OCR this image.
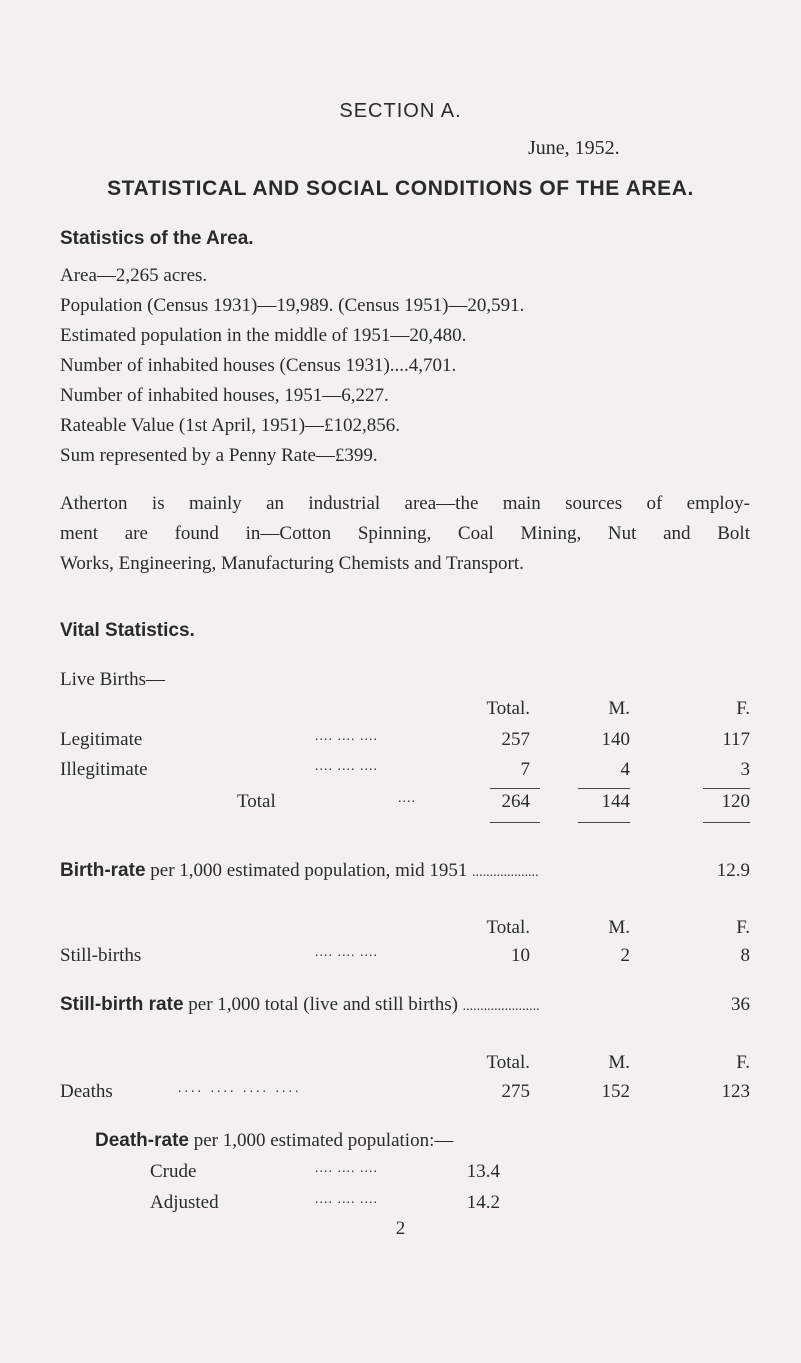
SECTION A.
June, 1952.
STATISTICAL AND SOCIAL CONDITIONS OF THE AREA.
Statistics of the Area.
Area—2,265 acres.
Population (Census 1931)—19,989. (Census 1951)—20,591.
Estimated population in the middle of 1951—20,480.
Number of inhabited houses (Census 1931)....4,701.
Number of inhabited houses, 1951—6,227.
Rateable Value (1st April, 1951)—£102,856.
Sum represented by a Penny Rate—£399.
Atherton is mainly an industrial area—the main sources of employ-
ment are found in—Cotton Spinning, Coal Mining, Nut and Bolt
Works, Engineering, Manufacturing Chemists and Transport.
Vital Statistics.
Live Births—
Total.	M.	F.
Legitimate	.... .... ....	257	140	117
Illegitimate	.... .... ....	7	4	3
Total	....	264	144	120
Birth-rate per 1,000 estimated population, mid 1951 ...................	12.9
Total.	M.	F.
Still-births	.... .... ....	10	2	8
Still-birth rate per 1,000 total (live and still births) ......................	36
Total.	M.	F.
Deaths	.... .... .... ....	275	152	123
Death-rate per 1,000 estimated population:—
Crude	.... .... ....	13.4
Adjusted	.... .... ....	14.2
2
